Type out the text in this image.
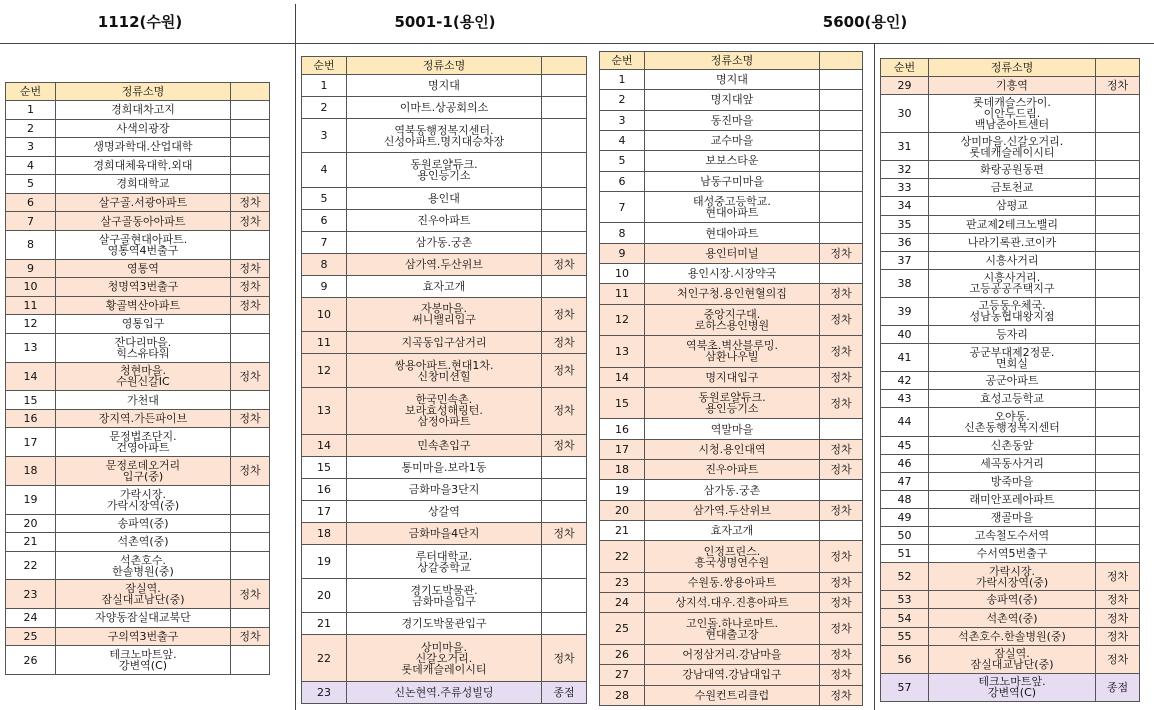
1112(수원)	5001-1(용인)	5600(용인)
순번	정류소명	
1	경희대차고지	
2	사색의광장	
3	생명과학대.산업대학	
4	경희대체육대학.외대	
5	경희대학교	
6	살구골.서광아파트	정차
7	살구골동아아파트	정차
8	살구골현대아파트.
영통역4번출구	
9	영통역	정차
10	청명역3번출구	정차
11	황골벽산아파트	정차
12	영통입구	
13	잔다리마을.
힉스유타워	
14	청현마을.
수원신갈IC	정차
15	가천대	
16	장지역.가든파이브	정차
17	문정법조단지.
건영아파트	
18	문정로데오거리
입구(중)	정차
19	가락시장.
가락시장역(중)	
20	송파역(중)	
21	석촌역(중)	
22	석촌호수.
한솔병원(중)	
23	잠실역.
잠실대교남단(중)	정차
24	자양동잠실대교북단	
25	구의역3번출구	정차
26	테크노마트앞.
강변역(C)	
순번	정류소명	
1	명지대	
2	이마트.상공회의소	
3	역북동행정복지센터.
신성아파트.명지대승차장	
4	동원로얄듀크.
용인등기소	
5	용인대	
6	진우아파트	
7	삼가동.궁촌	
8	삼가역.두산위브	정차
9	효자고개	
10	자봉마을.
써니밸리입구	정차
11	지곡동입구삼거리	정차
12	쌍용아파트.현대1차.
신창미션힐	정차
13	한국민속촌.
보라효성해링턴.
삼정아파트	정차
14	민속촌입구	정차
15	통미마을.보라1동	
16	금화마을3단지	
17	상갈역	
18	금화마을4단지	정차
19	루터대학교.
상갈중학교	
20	경기도박물관.
금화마을입구	
21	경기도박물관입구	
22	상미마을.
신갈오거리.
롯데캐슬레이시티	정차
23	신논현역.주류성빌딩	종점
순번	정류소명	
1	명지대	
2	명지대앞	
3	동진마을	
4	교수마을	
5	보보스타운	
6	남동구미마을	
7	태성중고등학교.
현대아파트	
8	현대아파트	
9	용인터미널	정차
10	용인시장.시장약국	
11	처인구청.용인현혈의집	정차
12	중앙지구대.
로하스용인병원	정차
13	역북초.벽산블루밍.
삼환나우빌	정차
14	명지대입구	정차
15	동원로얄듀크.
용인등기소	정차
16	역말마을	
17	시청.용인대역	정차
18	진우아파트	정차
19	삼가동.궁촌	
20	삼가역.두산위브	정차
21	효자고개	
22	인정프린스.
흥국생명연수원	정차
23	수원동.쌍용아파트	정차
24	상지석.대우.진흥아파트	정차
25	고인돌.하나로마트.
현대출고장	정차
26	어정삼거리.강남마을	정차
27	강남대역.강남대입구	정차
28	수원컨트리클럽	정차
순번	정류소명	
29	기흥역	정차
30	롯데캐슬스카이.
이안두드림.
백남준아트센터	
31	상미마을.신갈오거리.
롯데캐슬레이시티	
32	화랑공원동편	
33	금토천교	
34	삼평교	
35	판교제2테크노밸리	
36	나라기록관.코이카	
37	시흥사거리	
38	시흥사거리.
고등공공주택지구	
39	고등동우체국.
성남농협대왕지점	
40	등자리	
41	공군부대제2정문.
면회실	
42	공군아파트	
43	효성고등학교	
44	오야동.
신촌동행정복지센터	
45	신촌동앞	
46	세곡동사거리	
47	방죽마을	
48	래미안포레아파트	
49	쟁골마을	
50	고속철도수서역	
51	수서역5번출구	
52	가락시장.
가락시장역(중)	정차
53	송파역(중)	정차
54	석촌역(중)	정차
55	석촌호수.한솔병원(중)	정차
56	잠실역.
잠실대교남단(중)	정차
57	테크노마트앞.
강변역(C)	종점
